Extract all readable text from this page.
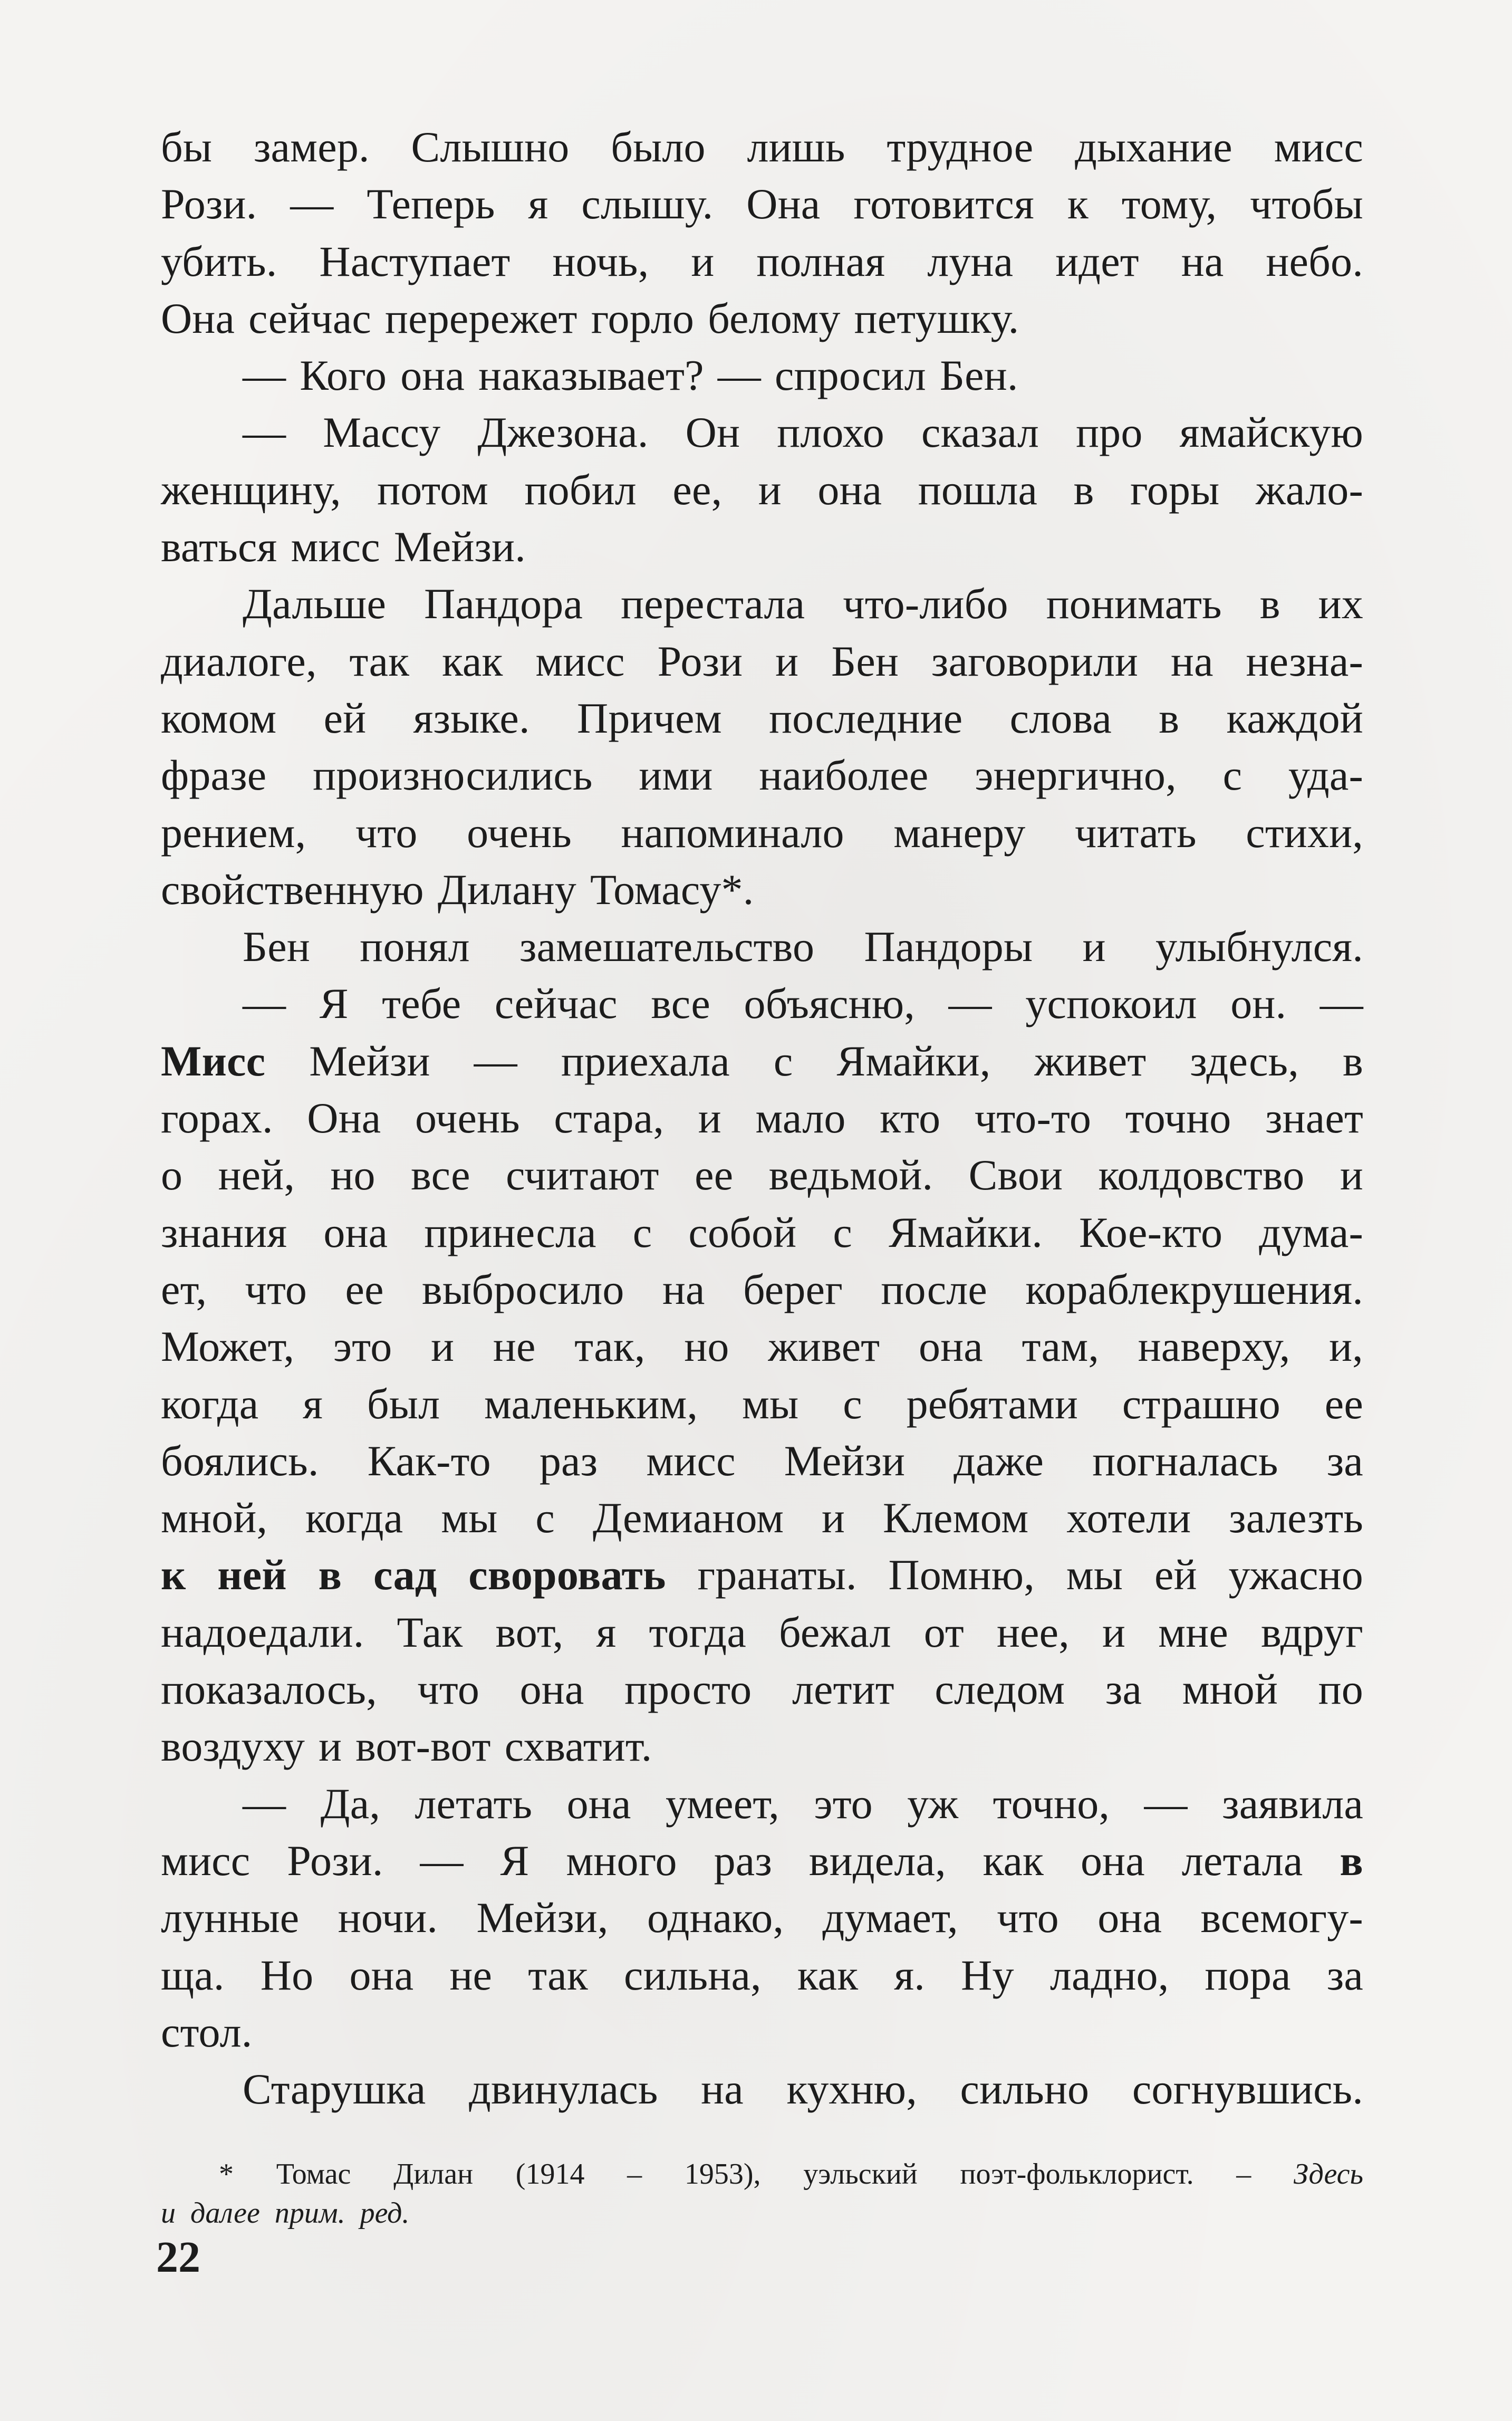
бы замер. Слышно было лишь трудное дыхание мисс
Рози. — Теперь я слышу. Она готовится к тому, чтобы
убить. Наступает ночь, и полная луна идет на небо.
Она сейчас перережет горло белому петушку.
— Кого она наказывает? — спросил Бен.
— Массу Джезона. Он плохо сказал про ямайскую
женщину, потом побил ее, и она пошла в горы жало-
ваться мисс Мейзи.
Дальше Пандора перестала что-либо понимать в их
диалоге, так как мисс Рози и Бен заговорили на незна-
комом ей языке. Причем последние слова в каждой
фразе произносились ими наиболее энергично, с уда-
рением, что очень напоминало манеру читать стихи,
свойственную Дилану Томасу*.
Бен понял замешательство Пандоры и улыбнулся.
— Я тебе сейчас все объясню, — успокоил он. —
Мисс Мейзи — приехала с Ямайки, живет здесь, в
горах. Она очень стара, и мало кто что-то точно знает
о ней, но все считают ее ведьмой. Свои колдовство и
знания она принесла с собой с Ямайки. Кое-кто дума-
ет, что ее выбросило на берег после кораблекрушения.
Может, это и не так, но живет она там, наверху, и,
когда я был маленьким, мы с ребятами страшно ее
боялись. Как-то раз мисс Мейзи даже погналась за
мной, когда мы с Демианом и Клемом хотели залезть
к ней в сад своровать гранаты. Помню, мы ей ужасно
надоедали. Так вот, я тогда бежал от нее, и мне вдруг
показалось, что она просто летит следом за мной по
воздуху и вот-вот схватит.
— Да, летать она умеет, это уж точно, — заявила
мисс Рози. — Я много раз видела, как она летала в
лунные ночи. Мейзи, однако, думает, что она всемогу-
ща. Но она не так сильна, как я. Ну ладно, пора за
стол.
Старушка двинулась на кухню, сильно согнувшись.
* Томас Дилан (1914 – 1953), уэльский поэт-фольклорист. – Здесь
и далее прим. ред.
22
